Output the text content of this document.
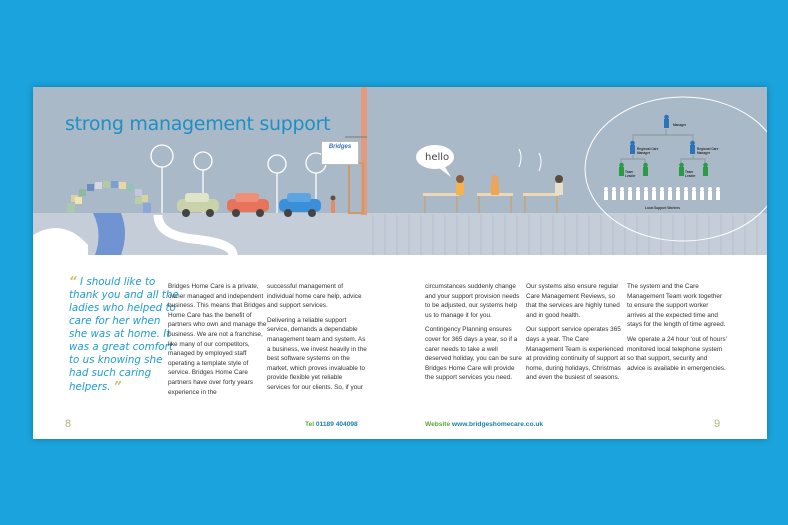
strong management support
Bridges
hello
Manager
Regional Care Manager
Regional Care Manager
Team Leader
Team Leader
Local Support Workers
“ I should like to thank you and all the ladies who helped to care for her when she was at home. It was a great comfort to us knowing she had such caring helpers. ”

Bridges Home Care is a private, owner managed and independent business. This means that Bridges Home Care has the benefit of partners who own and manage the business. We are not a franchise, like many of our competitors, managed by employed staff operating a template style of service. Bridges Home Care partners have over forty years experience in the

successful management of individual home care help, advice and support services.

Delivering a reliable support service, demands a dependable management team and system. As a business, we invest heavily in the best software systems on the market, which proves invaluable to provide flexible yet reliable services for our clients. So, if your

circumstances suddenly change and your support provision needs to be adjusted, our systems help us to manage it for you.

Contingency Planning ensures cover for 365 days a year, so if a carer needs to take a well deserved holiday, you can be sure Bridges Home Care will provide the support services you need.

Our systems also ensure regular Care Management Reviews, so that the services are highly tuned and in good health.

Our support service operates 365 days a year. The Care Management Team is experienced at providing continuity of support at home, during holidays, Christmas and even the busiest of seasons.

The system and the Care Management Team work together to ensure the support worker arrives at the expected time and stays for the length of time agreed.

We operate a 24 hour ‘out of hours’ monitored local telephone system so that support, security and advice is available in emergencies.

8	9
Tel 01189 404098	Website www.bridgeshomecare.co.uk
